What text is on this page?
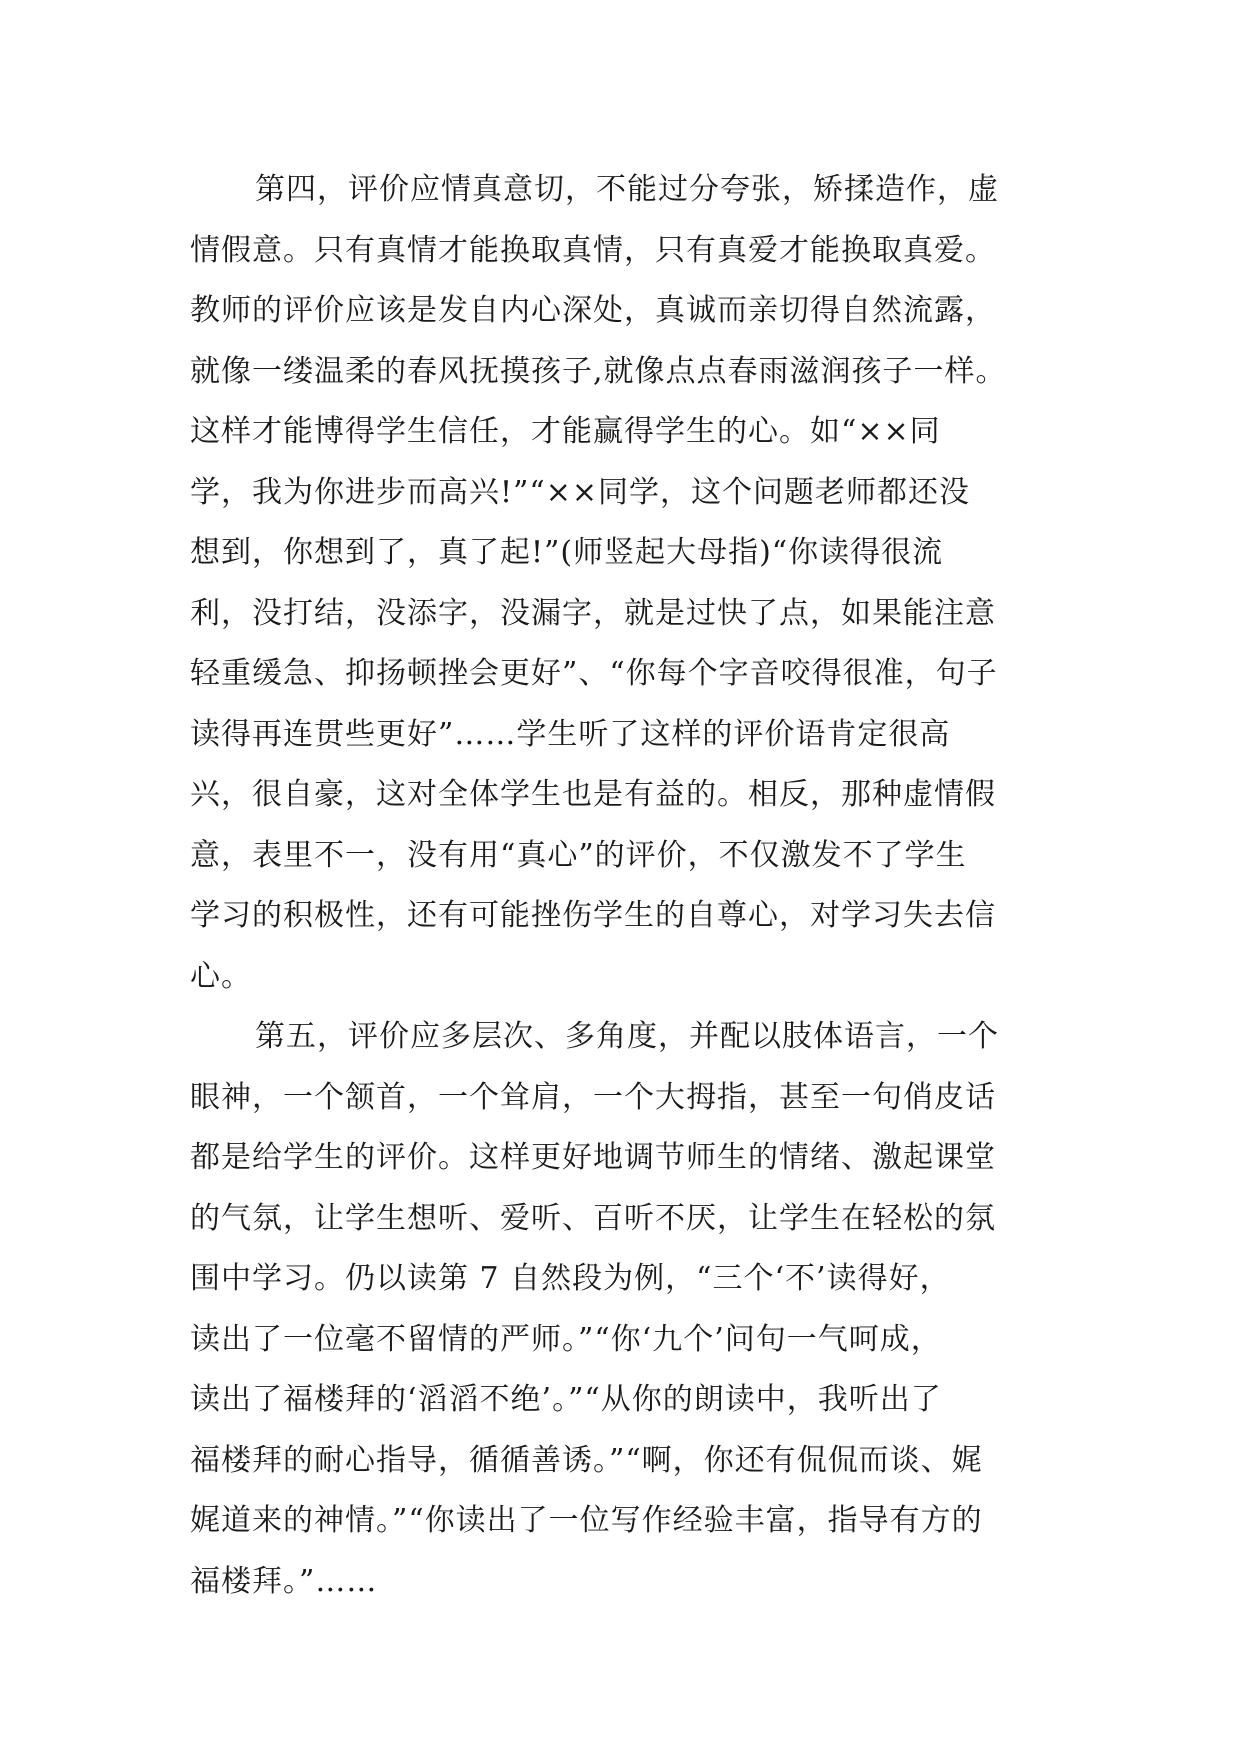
第四，评价应情真意切，不能过分夸张，矫揉造作，虚
情假意。只有真情才能换取真情，只有真爱才能换取真爱。
教师的评价应该是发自内心深处，真诚而亲切得自然流露，
就像一缕温柔的春风抚摸孩子,就像点点春雨滋润孩子一样。
这样才能博得学生信任，才能赢得学生的心。如“××同
学，我为你进步而高兴!”“××同学，这个问题老师都还没
想到，你想到了，真了起!”(师竖起大母指)“你读得很流
利，没打结，没添字，没漏字，就是过快了点，如果能注意
轻重缓急、抑扬顿挫会更好”、“你每个字音咬得很准，句子
读得再连贯些更好”……学生听了这样的评价语肯定很高
兴，很自豪，这对全体学生也是有益的。相反，那种虚情假
意，表里不一，没有用“真心”的评价，不仅激发不了学生
学习的积极性，还有可能挫伤学生的自尊心，对学习失去信
心。
第五，评价应多层次、多角度，并配以肢体语言，一个
眼神，一个颔首，一个耸肩，一个大拇指，甚至一句俏皮话
都是给学生的评价。这样更好地调节师生的情绪、激起课堂
的气氛，让学生想听、爱听、百听不厌，让学生在轻松的氛
围中学习。仍以读第 7 自然段为例，“三个‘不’读得好，
读出了一位毫不留情的严师。”“你‘九个’问句一气呵成，
读出了福楼拜的‘滔滔不绝’。”“从你的朗读中，我听出了
福楼拜的耐心指导，循循善诱。”“啊，你还有侃侃而谈、娓
娓道来的神情。”“你读出了一位写作经验丰富，指导有方的
福楼拜。”……
